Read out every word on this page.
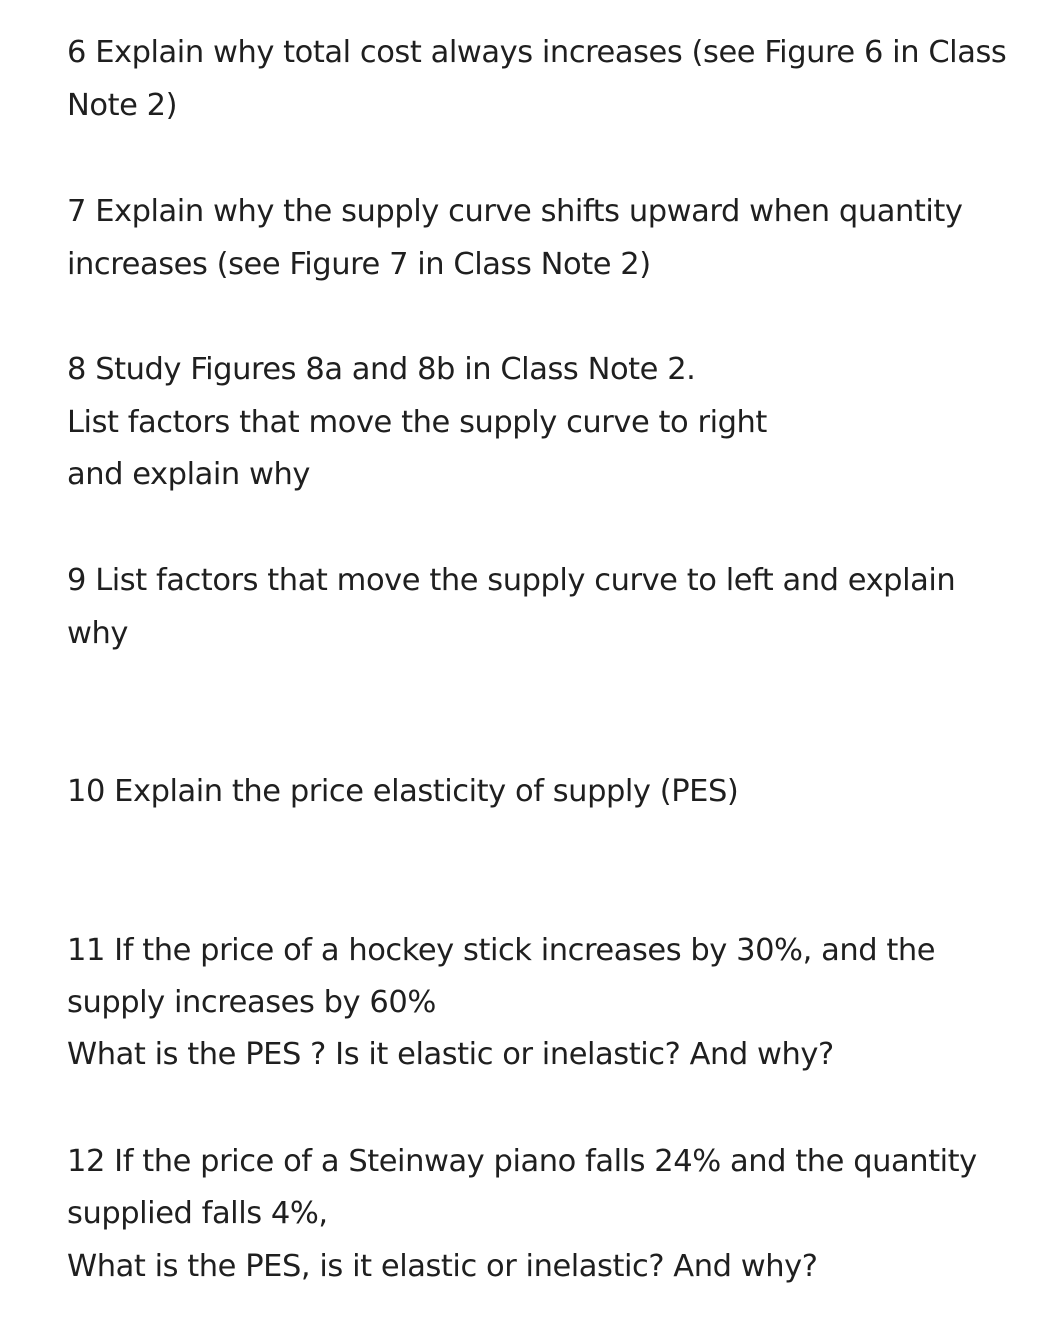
6 Explain why total cost always increases (see Figure 6 in Class

Note 2)

7 Explain why the supply curve shifts upward when quantity

increases (see Figure 7 in Class Note 2)

8 Study Figures 8a and 8b in Class Note 2.

List factors that move the supply curve to right

and explain why

9 List factors that move the supply curve to left and explain

why

10 Explain the price elasticity of supply (PES)

11 If the price of a hockey stick increases by 30%, and the

supply increases by 60%

What is the PES ? Is it elastic or inelastic? And why?

12 If the price of a Steinway piano falls 24% and the quantity

supplied falls 4%,

What is the PES, is it elastic or inelastic? And why?
